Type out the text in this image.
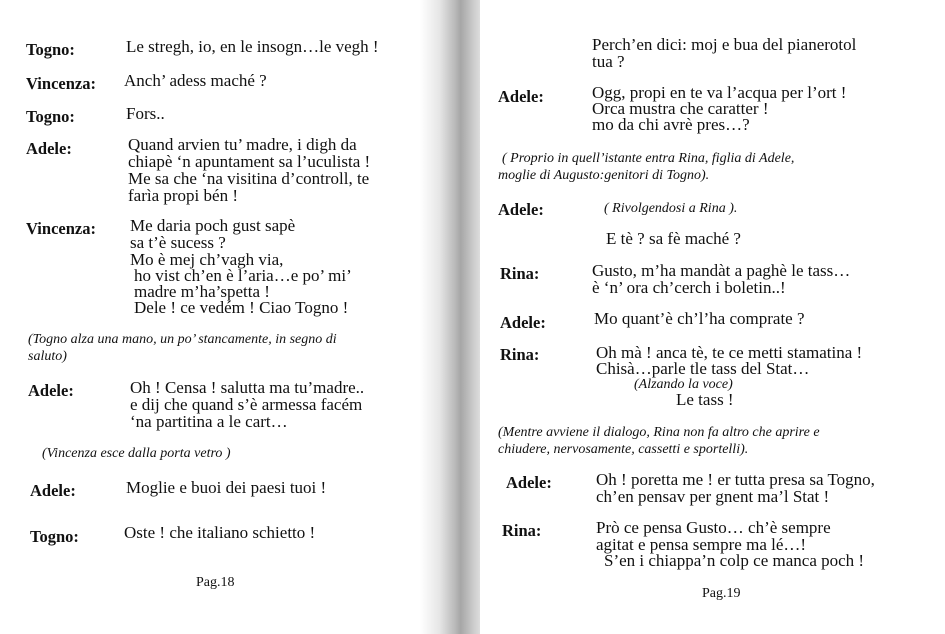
Togno:	Le stregh, io, en le insogn…le vegh !
Vincenza: Anch’ adess maché ?
Togno:	Fors..
Adele:	Quand arvien tu’ madre, i digh da
chiapè ‘n apuntament sa l’uculista !
Me sa che ‘na visitina d’controll, te
farìa propi bén !
Vincenza: Me daria poch gust sapè
sa t’è sucess ?
Mo è mej ch’vagh via,
ho vist ch’en è l’aria…e po’ mi’
madre m’ha’spetta !
Dele ! ce vedém ! Ciao Togno !
(Togno alza una mano, un po’ stancamente, in segno di
saluto)
Adele:	Oh ! Censa ! salutta ma tu’madre..
e dij che quand s’è armessa facém
‘na partitina a le cart…
(Vincenza esce dalla porta vetro )
Adele:	Moglie e buoi dei paesi tuoi !
Togno:	Oste ! che italiano schietto !
Pag.18
Perch’en dici: moj e bua del pianerotol
tua ?
Adele:	Ogg, propi en te va l’acqua per l’ort !
Orca mustra che caratter !
mo da chi avrè pres…?
( Proprio in quell’istante entra Rina, figlia di Adele,
moglie di Augusto:genitori di Togno).
Adele:	( Rivolgendosi a Rina ).
E tè ? sa fè maché ?
Rina:	Gusto, m’ha mandàt a paghè le tass…
è ‘n’ ora ch’cerch i boletin..!
Adele:	Mo quant’è ch’l’ha comprate ?
Rina:	Oh mà ! anca tè, te ce metti stamatina !
Chisà…parle tle tass del Stat…
(Alzando la voce)
Le tass !
(Mentre avviene il dialogo, Rina non fa altro che aprire e
chiudere, nervosamente, cassetti e sportelli).
Adele:	Oh ! poretta me ! er tutta presa sa Togno,
ch’en pensav per gnent ma’l Stat !
Rina:	Prò ce pensa Gusto… ch’è sempre
agitat e pensa sempre ma lé…!
S’en i chiappa’n colp ce manca poch !
Pag.19
